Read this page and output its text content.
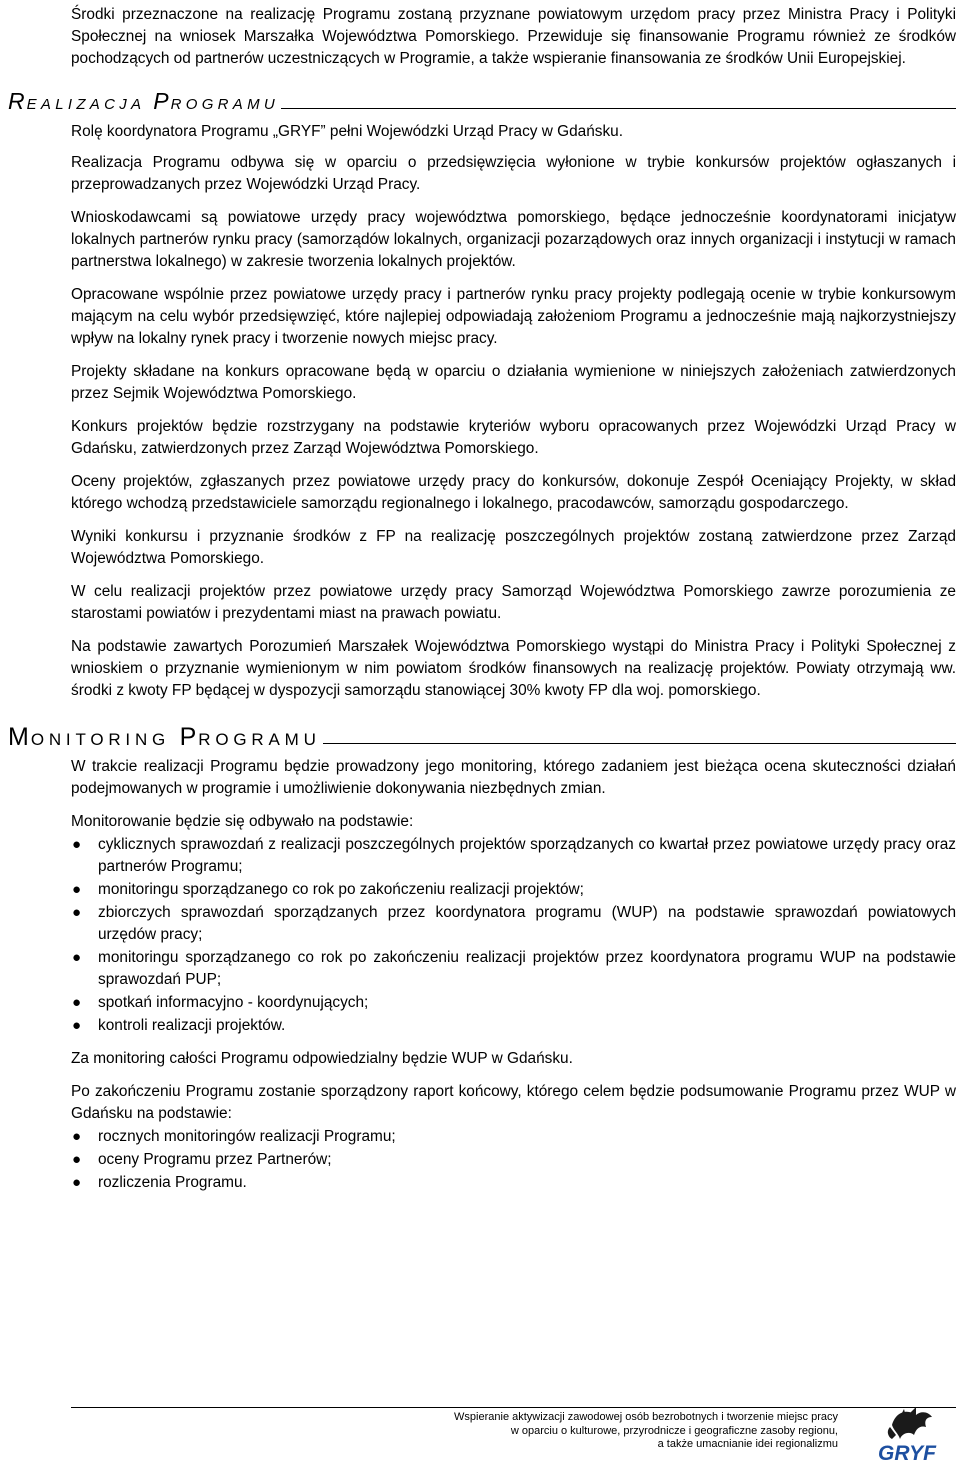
Środki przeznaczone na realizację Programu zostaną przyznane powiatowym urzędom pracy przez Ministra Pracy i Polityki Społecznej na wniosek Marszałka Województwa Pomorskiego. Przewiduje się finansowanie Programu również ze środków pochodzących od partnerów uczestniczących w Programie, a także wspieranie finansowania ze środków Unii Europejskiej.

REALIZACJA PROGRAMU

Rolę koordynatora Programu „GRYF” pełni Wojewódzki Urząd Pracy w Gdańsku.

Realizacja Programu odbywa się w oparciu o przedsięwzięcia wyłonione w trybie konkursów projektów ogłaszanych i przeprowadzanych przez Wojewódzki Urząd Pracy.

Wnioskodawcami są powiatowe urzędy pracy województwa pomorskiego, będące jednocześnie koordynatorami inicjatyw lokalnych partnerów rynku pracy (samorządów lokalnych, organizacji pozarządowych oraz innych organizacji i instytucji w ramach partnerstwa lokalnego) w zakresie tworzenia lokalnych projektów.

Opracowane wspólnie przez powiatowe urzędy pracy i partnerów rynku pracy projekty podlegają ocenie w trybie konkursowym mającym na celu wybór przedsięwzięć, które najlepiej odpowiadają założeniom Programu a jednocześnie mają najkorzystniejszy wpływ na lokalny rynek pracy i tworzenie nowych miejsc pracy.

Projekty składane na konkurs opracowane będą w oparciu o działania wymienione w niniejszych założeniach zatwierdzonych przez Sejmik Województwa Pomorskiego.

Konkurs projektów będzie rozstrzygany na podstawie kryteriów wyboru opracowanych przez Wojewódzki Urząd Pracy w Gdańsku, zatwierdzonych przez Zarząd Województwa Pomorskiego.

Oceny projektów, zgłaszanych przez powiatowe urzędy pracy do konkursów, dokonuje Zespół Oceniający Projekty, w skład którego wchodzą przedstawiciele samorządu regionalnego i lokalnego, pracodawców, samorządu gospodarczego.

Wyniki konkursu i przyznanie środków z FP na realizację poszczególnych projektów zostaną zatwierdzone przez Zarząd Województwa Pomorskiego.

W celu realizacji projektów przez powiatowe urzędy pracy Samorząd Województwa Pomorskiego zawrze porozumienia ze starostami powiatów i prezydentami miast na prawach powiatu.

Na podstawie zawartych Porozumień Marszałek Województwa Pomorskiego wystąpi do Ministra Pracy i Polityki Społecznej z wnioskiem o przyznanie wymienionym w nim powiatom środków finansowych na realizację projektów. Powiaty otrzymają ww. środki z kwoty FP będącej w dyspozycji samorządu stanowiącej 30% kwoty FP dla woj. pomorskiego.

MONITORING PROGRAMU

W trakcie realizacji Programu będzie prowadzony jego monitoring, którego zadaniem jest bieżąca ocena skuteczności działań podejmowanych w programie i umożliwienie dokonywania niezbędnych zmian.

Monitorowanie będzie się odbywało na podstawie:

● cyklicznych sprawozdań z realizacji poszczególnych projektów sporządzanych co kwartał przez powiatowe urzędy pracy oraz partnerów Programu;
● monitoringu sporządzanego co rok po zakończeniu realizacji projektów;
● zbiorczych sprawozdań sporządzanych przez koordynatora programu (WUP) na podstawie sprawozdań powiatowych urzędów pracy;
● monitoringu sporządzanego co rok po zakończeniu realizacji projektów przez koordynatora programu WUP na podstawie sprawozdań PUP;
● spotkań informacyjno - koordynujących;
● kontroli realizacji projektów.

Za monitoring całości Programu odpowiedzialny będzie WUP w Gdańsku.

Po zakończeniu Programu zostanie sporządzony raport końcowy, którego celem będzie podsumowanie Programu przez WUP w Gdańsku na podstawie:

● rocznych monitoringów realizacji Programu;
● oceny Programu przez Partnerów;
● rozliczenia Programu.
Wspieranie aktywizacji zawodowej osób bezrobotnych i tworzenie miejsc pracy
w oparciu o kulturowe, przyrodnicze i geograficzne zasoby regionu,
a także umacnianie idei regionalizmu GRYF
